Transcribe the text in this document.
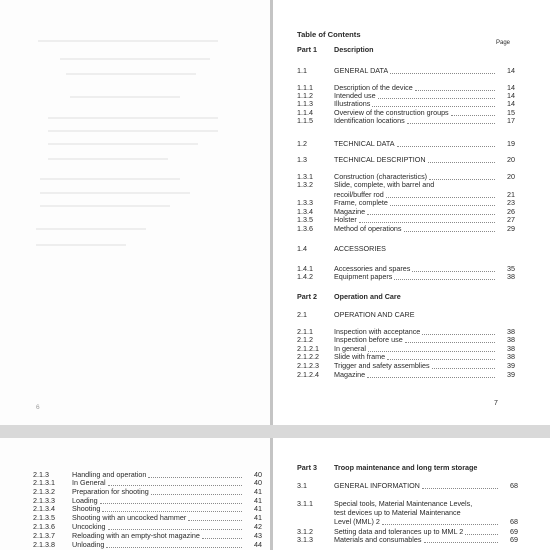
6
Table of Contents
Page
Part 1 Description
1.1	GENERAL DATA	14
1.1.1	Description of the device	14
1.1.2	Intended use	14
1.1.3	Illustrations	14
1.1.4	Overview of the construction groups	15
1.1.5	Identification locations	17
1.2	TECHNICAL DATA	19
1.3	TECHNICAL DESCRIPTION	20
1.3.1	Construction (characteristics)	20
1.3.2	Slide, complete, with barrel and
recoil/buffer rod	21
1.3.3	Frame, complete	23
1.3.4	Magazine	26
1.3.5	Holster	27
1.3.6	Method of operations	29
1.4	ACCESSORIES
1.4.1	Accessories and spares	35
1.4.2	Equipment papers	38
Part 2 Operation and Care
2.1	OPERATION AND CARE
2.1.1	Inspection with acceptance	38
2.1.2	Inspection before use	38
2.1.2.1 In general	38
2.1.2.2 Slide with frame	38
2.1.2.3 Trigger and safety assemblies	39
2.1.2.4 Magazine	39
7
2.1.3	Handling and operation	40
2.1.3.1 In General	40
2.1.3.2 Preparation for shooting	41
2.1.3.3 Loading	41
2.1.3.4 Shooting	41
2.1.3.5 Shooting with an uncocked hammer	41
2.1.3.6 Uncocking	42
2.1.3.7 Reloading with an empty-shot magazine	43
2.1.3.8 Unloading	44
Part 3 Troop maintenance and long term storage
3.1	GENERAL INFORMATION	68
3.1.1	Special tools, Material Maintenance Levels,
test devices up to Material Maintenance
Level (MML) 2	68
3.1.2	Setting data and tolerances up to MML 2	69
3.1.3	Materials and consumables	69
